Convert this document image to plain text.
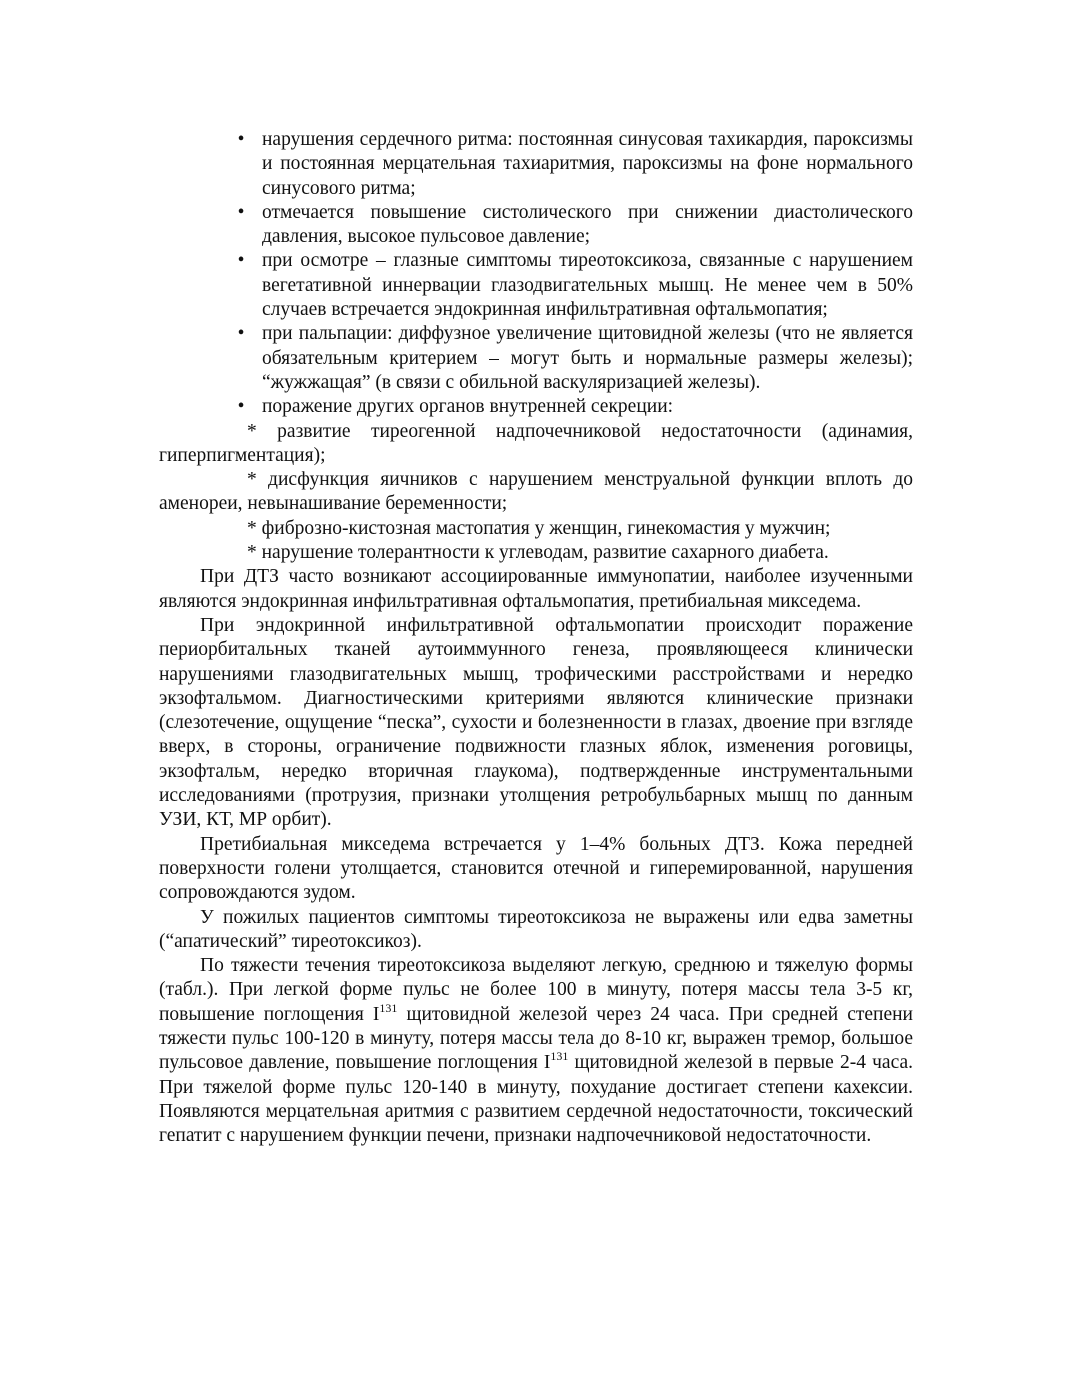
• нарушения сердечного ритма: постоянная синусовая тахикардия, пароксизмы и постоянная мерцательная тахиаритмия, пароксизмы на фоне нормального синусового ритма;
• отмечается повышение систолического при снижении диастолического давления, высокое пульсовое давление;
• при осмотре – глазные симптомы тиреотоксикоза, связанные с нарушением вегетативной иннервации глазодвигательных мышц. Не менее чем в 50% случаев встречается эндокринная инфильтративная офтальмопатия;
• при пальпации: диффузное увеличение щитовидной железы (что не является обязательным критерием – могут быть и нормальные размеры железы); “жужжащая” (в связи с обильной васкуляризацией железы).
• поражение других органов внутренней секреции:

* развитие тиреогенной надпочечниковой недостаточности (адинамия, гиперпигментация);

* дисфункция яичников с нарушением менструальной функции вплоть до аменореи, невынашивание беременности;

* фиброзно-кистозная мастопатия у женщин, гинекомастия у мужчин;

* нарушение толерантности к углеводам, развитие сахарного диабета.

При ДТЗ часто возникают ассоциированные иммунопатии, наиболее изученными являются эндокринная инфильтративная офтальмопатия, претибиальная микседема.

При эндокринной инфильтративной офтальмопатии происходит поражение периорбитальных тканей аутоиммунного генеза, проявляющееся клинически нарушениями глазодвигательных мышц, трофическими расстройствами и нередко экзофтальмом. Диагностическими критериями являются клинические признаки (слезотечение, ощущение “песка”, сухости и болезненности в глазах, двоение при взгляде вверх, в стороны, ограничение подвижности глазных яблок, изменения роговицы, экзофтальм, нередко вторичная глаукома), подтвержденные инструментальными исследованиями (протрузия, признаки утолщения ретробульбарных мышц по данным УЗИ, КТ, МР орбит).

Претибиальная микседема встречается у 1–4% больных ДТЗ. Кожа передней поверхности голени утолщается, становится отечной и гиперемированной, нарушения сопровождаются зудом.

У пожилых пациентов симптомы тиреотоксикоза не выражены или едва заметны (“апатический” тиреотоксикоз).

По тяжести течения тиреотоксикоза выделяют легкую, среднюю и тяжелую формы (табл.). При легкой форме пульс не более 100 в минуту, потеря массы тела 3-5 кг, повышение поглощения $I^{131}$ щитовидной железой через 24 часа. При средней степени тяжести пульс 100-120 в минуту, потеря массы тела до 8-10 кг, выражен тремор, большое пульсовое давление, повышение поглощения $I^{131}$ щитовидной железой в первые 2-4 часа. При тяжелой форме пульс 120-140 в минуту, похудание достигает степени кахексии. Появляются мерцательная аритмия с развитием сердечной недостаточности, токсический гепатит с нарушением функции печени, признаки надпочечниковой недостаточности.
